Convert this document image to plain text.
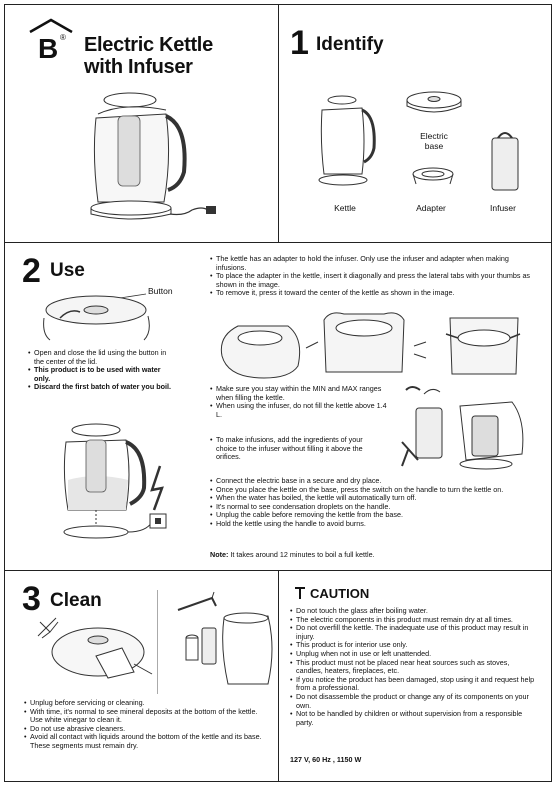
B ® Electric Kettle
with Infuser
1 Identify
Electric
base
Kettle	Adapter	Infuser
2 Use
Button
• Open and close the lid using the button in the center of the lid.
• This product is to be used with water only.
• Discard the first batch of water you boil.
• The kettle has an adapter to hold the infuser. Only use the infuser and adapter when making infusions.
• To place the adapter in the kettle, insert it diagonally and press the lateral tabs with your thumbs as shown in the image.
• To remove it, press it toward the center of the kettle as shown in the image.
• Make sure you stay within the MIN and MAX ranges when filling the kettle.
• When using the infuser, do not fill the kettle above 1.4 L.
• To make infusions, add the ingredients of your choice to the infuser without filling it above the orifices.
• Connect the electric base in a secure and dry place.
• Once you place the kettle on the base, press the switch on the handle to turn the kettle on.
• When the water has boiled, the kettle will automatically turn off.
• It's normal to see condensation droplets on the handle.
• Unplug the cable before removing the kettle from the base.
• Hold the kettle using the handle to avoid burns.
Note: It takes around 12 minutes to boil a full kettle.
3 Clean
• Unplug before servicing or cleaning.
• With time, it's normal to see mineral deposits at the bottom of the kettle. Use white vinegar to clean it.
• Do not use abrasive cleaners.
• Avoid all contact with liquids around the bottom of the kettle and its base. These segments must remain dry.
CAUTION
• Do not touch the glass after boiling water.
• The electric components in this product must remain dry at all times.
• Do not overfill the kettle. The inadequate use of this product may result in injury.
• This product is for interior use only.
• Unplug when not in use or left unattended.
• This product must not be placed near heat sources such as stoves, candles, heaters, fireplaces, etc.
• If you notice the product has been damaged, stop using it and request help from a professional.
• Do not disassemble the product or change any of its components on your own.
• Not to be handled by children or without supervision from a responsible party.
127 V, 60 Hz , 1150 W
